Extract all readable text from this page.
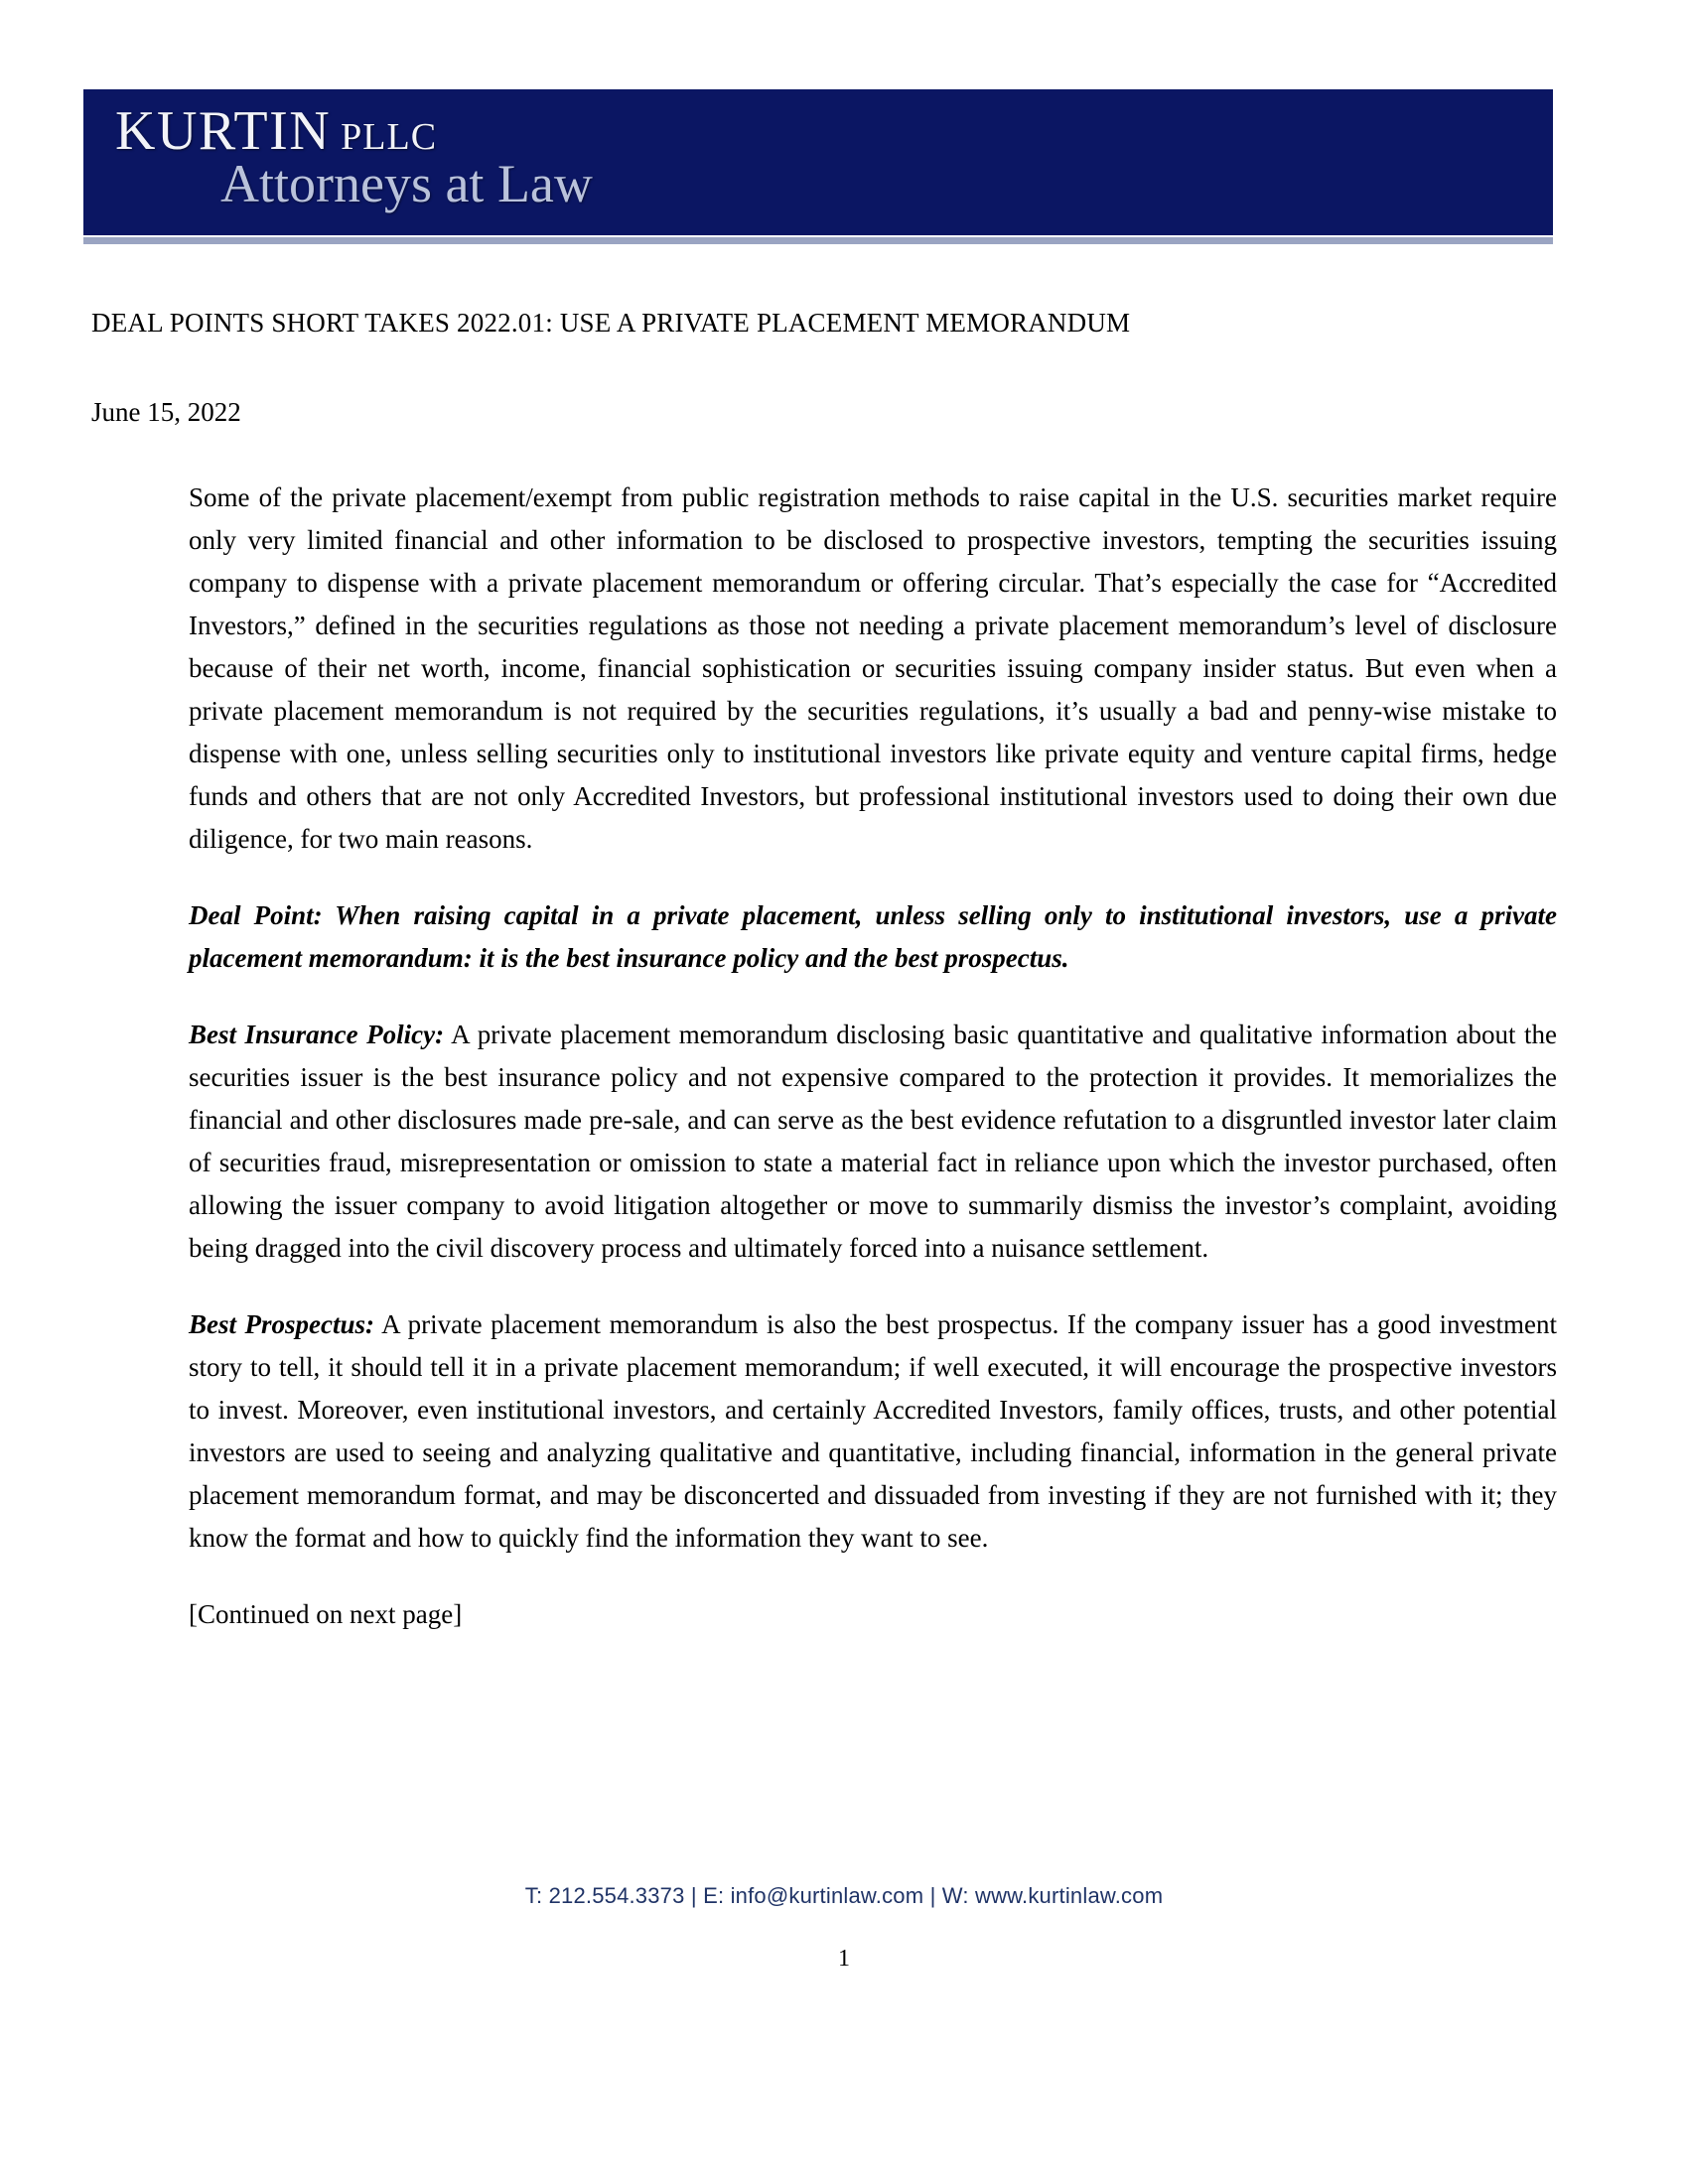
KURTIN PLLC
Attorneys at Law
DEAL POINTS SHORT TAKES 2022.01: USE A PRIVATE PLACEMENT MEMORANDUM
June 15, 2022

Some of the private placement/exempt from public registration methods to raise capital in the U.S. securities market require only very limited financial and other information to be disclosed to prospective investors, tempting the securities issuing company to dispense with a private placement memorandum or offering circular. That’s especially the case for “Accredited Investors,” defined in the securities regulations as those not needing a private placement memorandum’s level of disclosure because of their net worth, income, financial sophistication or securities issuing company insider status. But even when a private placement memorandum is not required by the securities regulations, it’s usually a bad and penny-wise mistake to dispense with one, unless selling securities only to institutional investors like private equity and venture capital firms, hedge funds and others that are not only Accredited Investors, but professional institutional investors used to doing their own due diligence, for two main reasons.

Deal Point: When raising capital in a private placement, unless selling only to institutional investors, use a private placement memorandum: it is the best insurance policy and the best prospectus.

Best Insurance Policy: A private placement memorandum disclosing basic quantitative and qualitative information about the securities issuer is the best insurance policy and not expensive compared to the protection it provides. It memorializes the financial and other disclosures made pre-sale, and can serve as the best evidence refutation to a disgruntled investor later claim of securities fraud, misrepresentation or omission to state a material fact in reliance upon which the investor purchased, often allowing the issuer company to avoid litigation altogether or move to summarily dismiss the investor’s complaint, avoiding being dragged into the civil discovery process and ultimately forced into a nuisance settlement.

Best Prospectus: A private placement memorandum is also the best prospectus. If the company issuer has a good investment story to tell, it should tell it in a private placement memorandum; if well executed, it will encourage the prospective investors to invest. Moreover, even institutional investors, and certainly Accredited Investors, family offices, trusts, and other potential investors are used to seeing and analyzing qualitative and quantitative, including financial, information in the general private placement memorandum format, and may be disconcerted and dissuaded from investing if they are not furnished with it; they know the format and how to quickly find the information they want to see.

[Continued on next page]

T: 212.554.3373 | E: info@kurtinlaw.com | W: www.kurtinlaw.com
1
